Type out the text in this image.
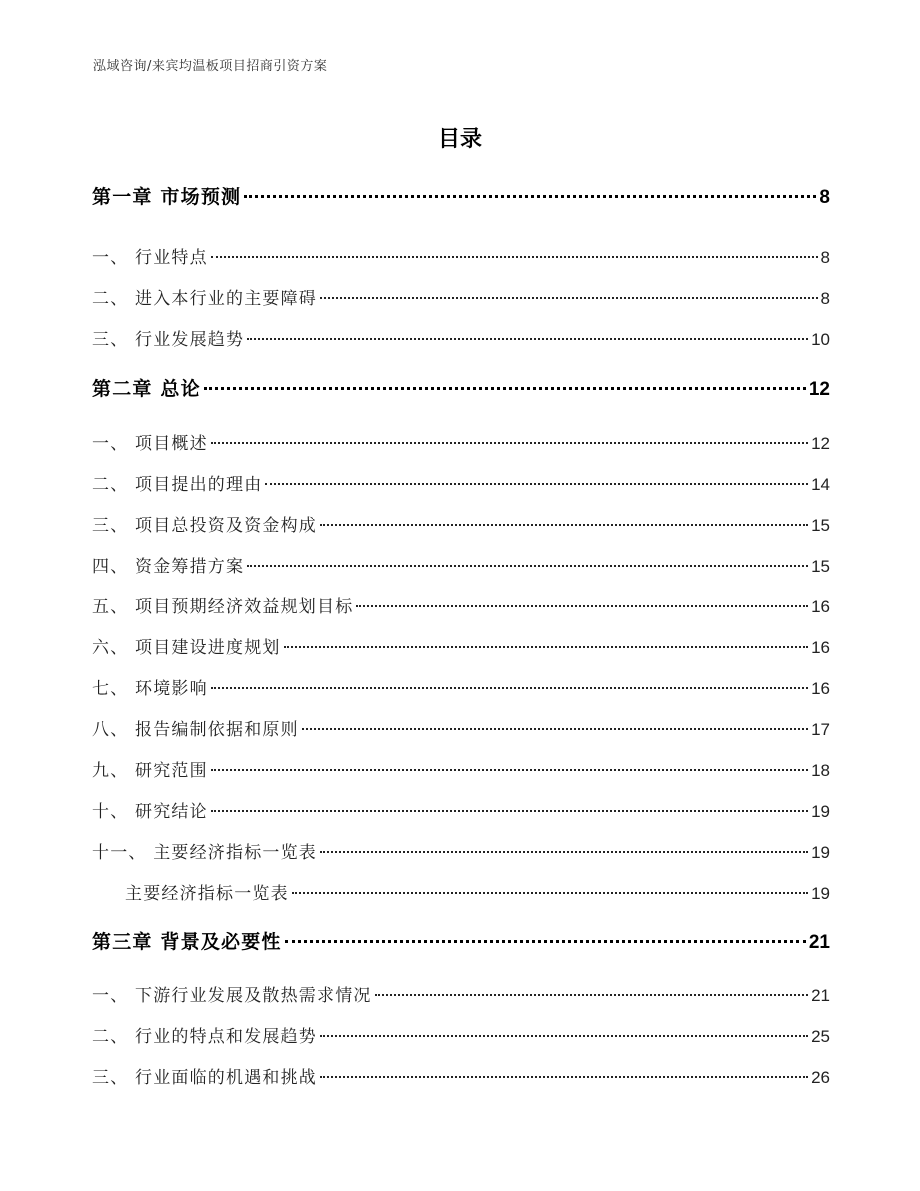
泓域咨询/来宾均温板项目招商引资方案
目录
第一章 市场预测	8
一、 行业特点	8
二、 进入本行业的主要障碍	8
三、 行业发展趋势	10
第二章 总论	12
一、 项目概述	12
二、 项目提出的理由	14
三、 项目总投资及资金构成	15
四、 资金筹措方案	15
五、 项目预期经济效益规划目标	16
六、 项目建设进度规划	16
七、 环境影响	16
八、 报告编制依据和原则	17
九、 研究范围	18
十、 研究结论	19
十一、 主要经济指标一览表	19
主要经济指标一览表	19
第三章 背景及必要性	21
一、 下游行业发展及散热需求情况	21
二、 行业的特点和发展趋势	25
三、 行业面临的机遇和挑战	26
